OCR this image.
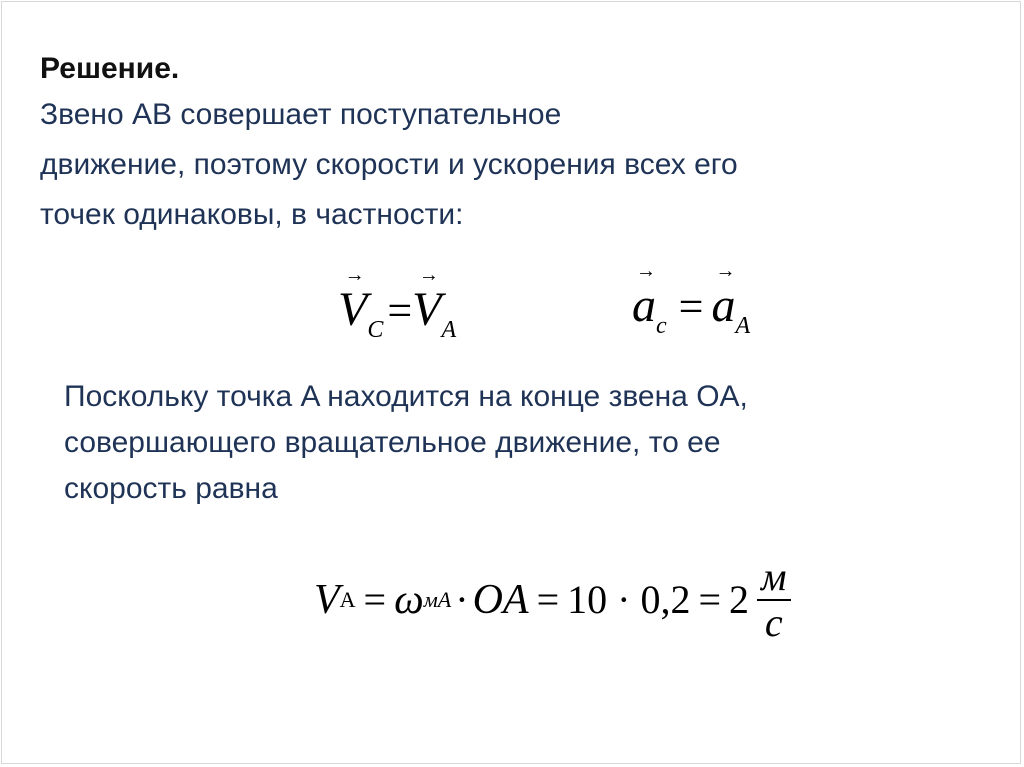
Решение.
Звено AB совершает поступательное
движение, поэтому скорости и ускорения всех его
точек одинаковы, в частности:
→
VC =
→
VA
→
ac =
→
aA
Поскольку точка A находится на конце звена OA,
совершающего вращательное движение, то ее
скорость равна
V A = ω мA · OA = $10 \cdot 0,2 = 2 \frac{м}{с}$
